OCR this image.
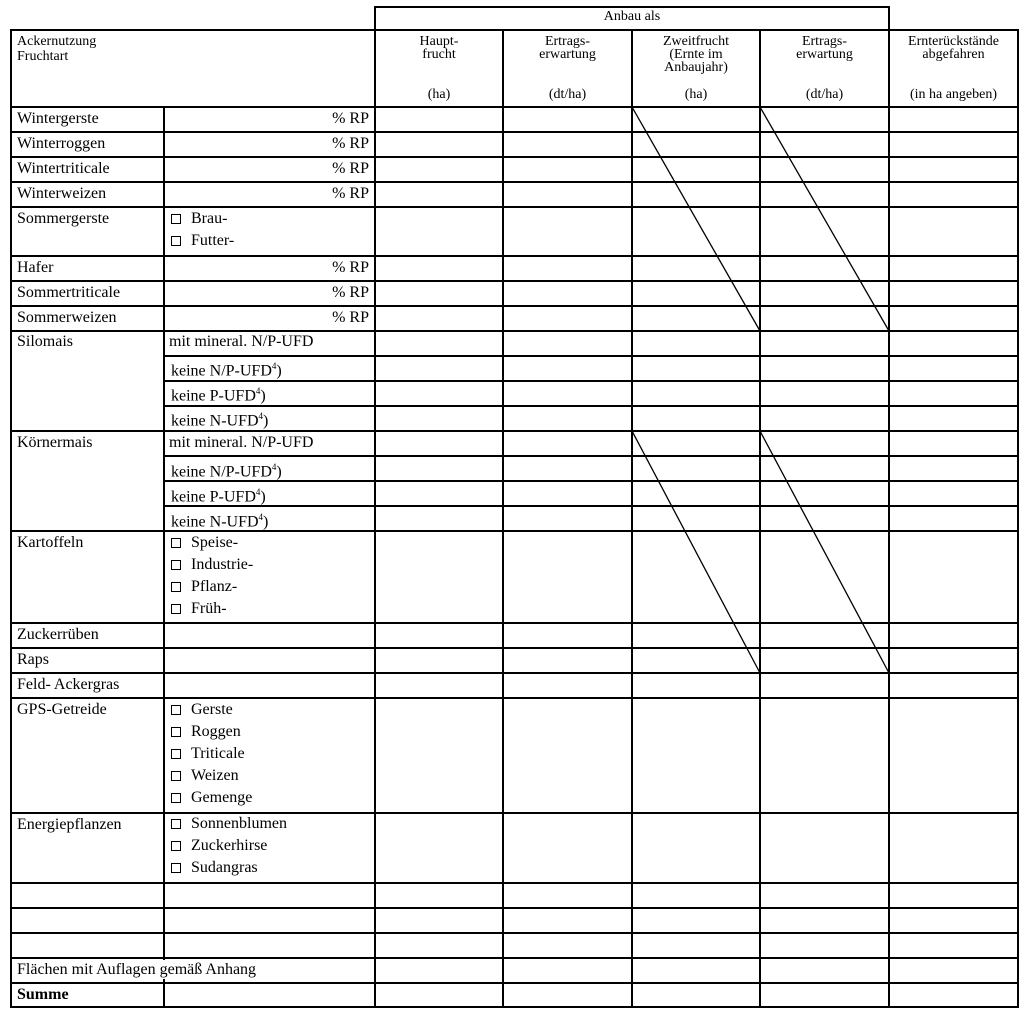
Anbau als
Ackernutzung
Fruchtart
Haupt-
frucht
(ha)
Ertrags-
erwartung
(dt/ha)
Zweitfrucht
(Ernte im
Anbaujahr)
(ha)
Ertrags-
erwartung
(dt/ha)
Ernterückstände
abgefahren
(in ha angeben)
Wintergerste	% RP
Winterroggen	% RP
Wintertriticale	% RP
Winterweizen	% RP
Sommergerste	Brau-
Futter-
Hafer	% RP
Sommertriticale	% RP
Sommerweizen	% RP
Silomais	mit mineral. N/P-UFD
keine N/P-UFD$^4$)
keine P-UFD$^4$)
keine N-UFD$^4$)
Körnermais	mit mineral. N/P-UFD
keine N/P-UFD$^4$)
keine P-UFD$^4$)
keine N-UFD$^4$)
Kartoffeln	Speise-
Industrie-
Pflanz-
Früh-
Zuckerrüben
Raps
Feld- Ackergras
GPS-Getreide	Gerste
Roggen
Triticale
Weizen
Gemenge
Energiepflanzen	Sonnenblumen
Zuckerhirse
Sudangras
Flächen mit Auflagen gemäß Anhang
Summe
